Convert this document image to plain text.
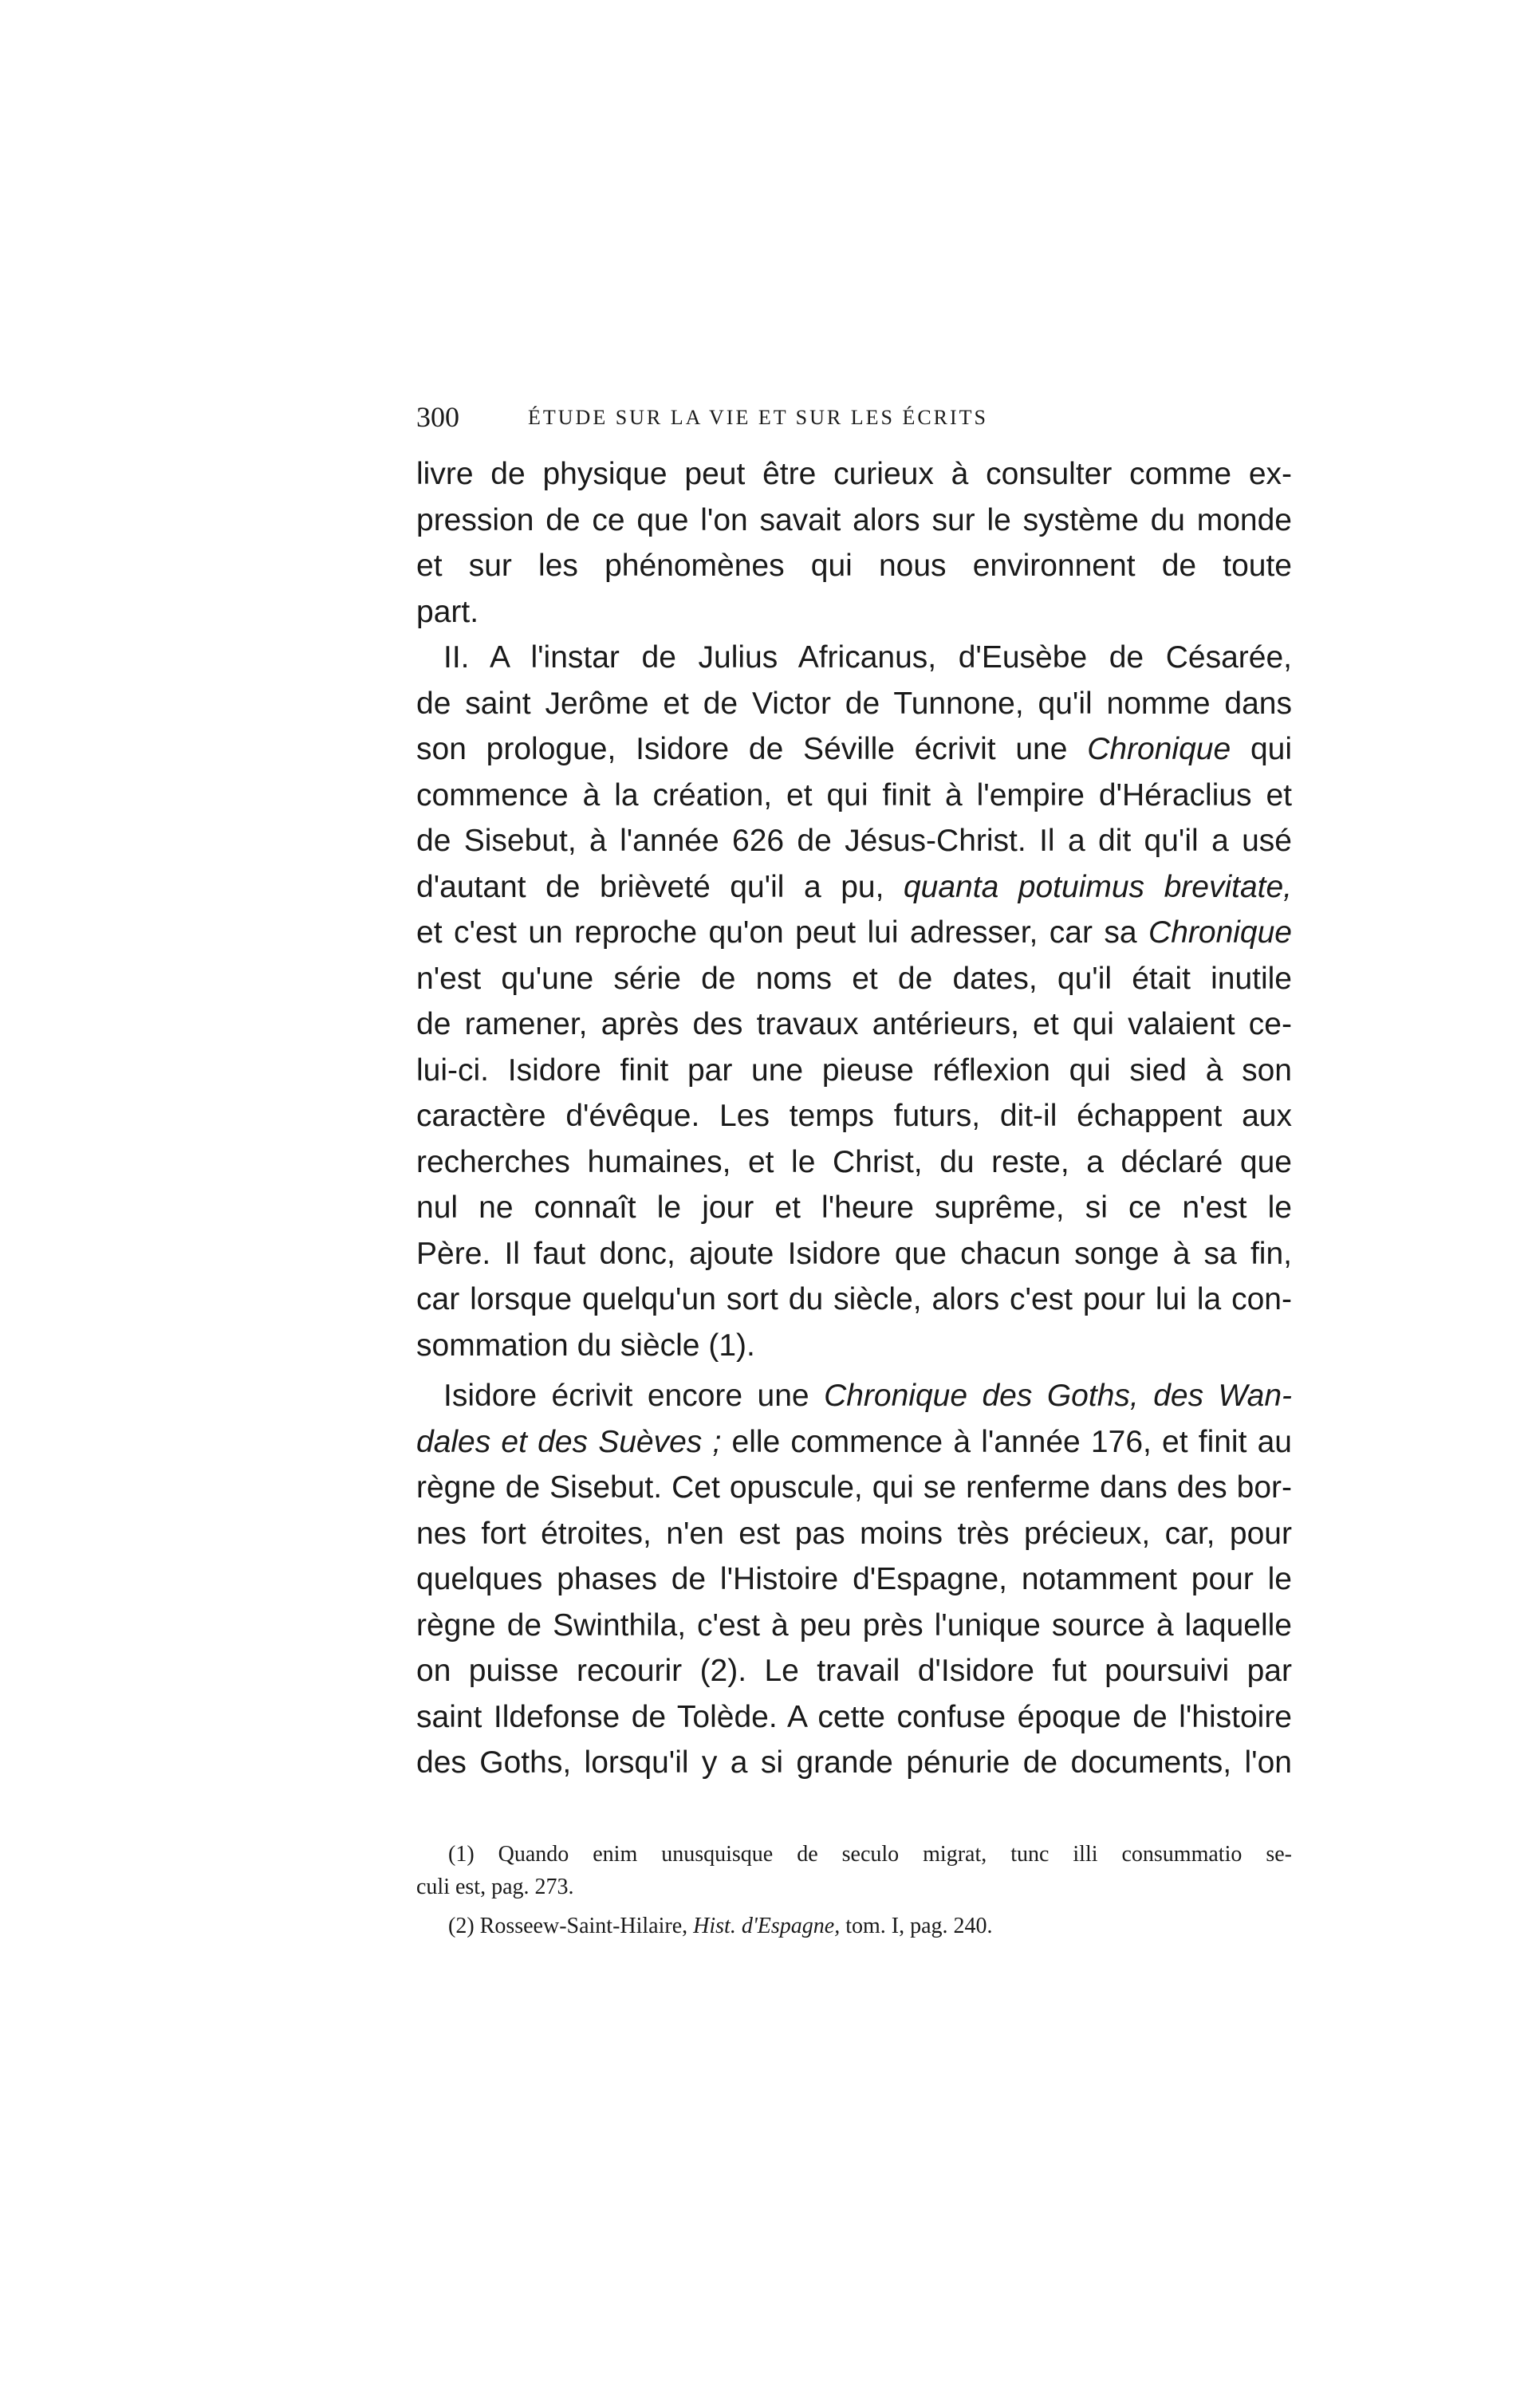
300	ÉTUDE SUR LA VIE ET SUR LES ÉCRITS
livre de physique peut être curieux à consulter comme ex-
pression de ce que l'on savait alors sur le système du monde
et sur les phénomènes qui nous environnent de toute
part.
II. A l'instar de Julius Africanus, d'Eusèbe de Césarée,
de saint Jerôme et de Victor de Tunnone, qu'il nomme dans
son prologue, Isidore de Séville écrivit une Chronique qui
commence à la création, et qui finit à l'empire d'Héraclius et
de Sisebut, à l'année 626 de Jésus-Christ. Il a dit qu'il a usé
d'autant de brièveté qu'il a pu, quanta potuimus brevitate,
et c'est un reproche qu'on peut lui adresser, car sa Chronique
n'est qu'une série de noms et de dates, qu'il était inutile
de ramener, après des travaux antérieurs, et qui valaient ce-
lui-ci. Isidore finit par une pieuse réflexion qui sied à son
caractère d'évêque. Les temps futurs, dit-il échappent aux
recherches humaines, et le Christ, du reste, a déclaré que
nul ne connaît le jour et l'heure suprême, si ce n'est le
Père. Il faut donc, ajoute Isidore que chacun songe à sa fin,
car lorsque quelqu'un sort du siècle, alors c'est pour lui la con-
sommation du siècle (1).
Isidore écrivit encore une Chronique des Goths, des Wan-
dales et des Suèves ; elle commence à l'année 176, et finit au
règne de Sisebut. Cet opuscule, qui se renferme dans des bor-
nes fort étroites, n'en est pas moins très précieux, car, pour
quelques phases de l'Histoire d'Espagne, notamment pour le
règne de Swinthila, c'est à peu près l'unique source à laquelle
on puisse recourir (2). Le travail d'Isidore fut poursuivi par
saint Ildefonse de Tolède. A cette confuse époque de l'histoire
des Goths, lorsqu'il y a si grande pénurie de documents, l'on
(1) Quando enim unusquisque de seculo migrat, tunc illi consummatio se-
culi est, pag. 273.
(2) Rosseew-Saint-Hilaire, Hist. d'Espagne, tom. I, pag. 240.
